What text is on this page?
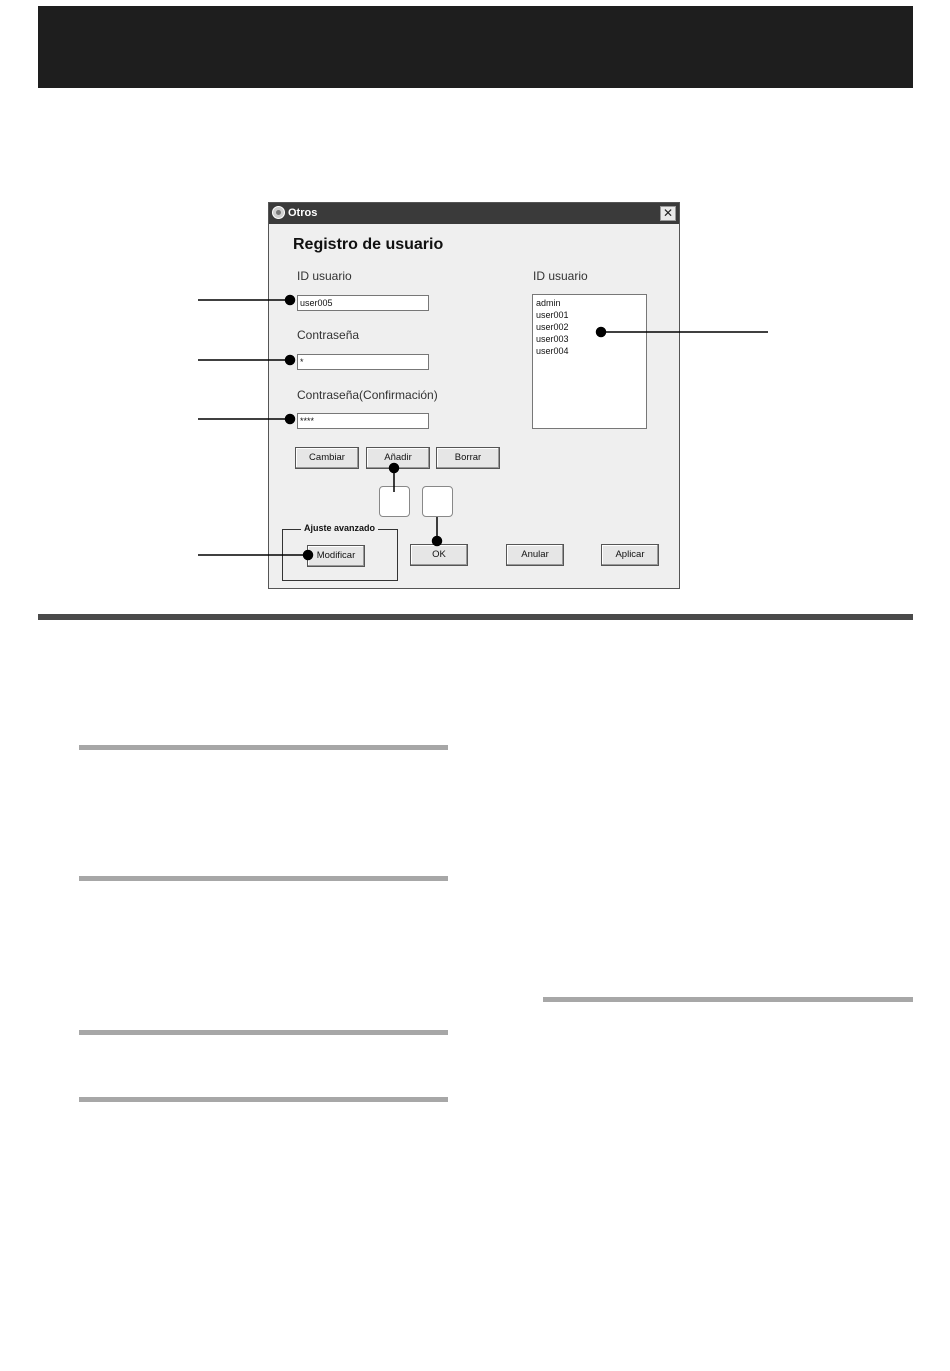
Otros	✕
Registro de usuario
ID usuario
user005
Contraseña
*
Contraseña(Confirmación)
****
ID usuario
admin
user001
user002
user003
user004
Cambiar	Añadir	Borrar
Ajuste avanzado
Modificar	OK	Anular	Aplicar
